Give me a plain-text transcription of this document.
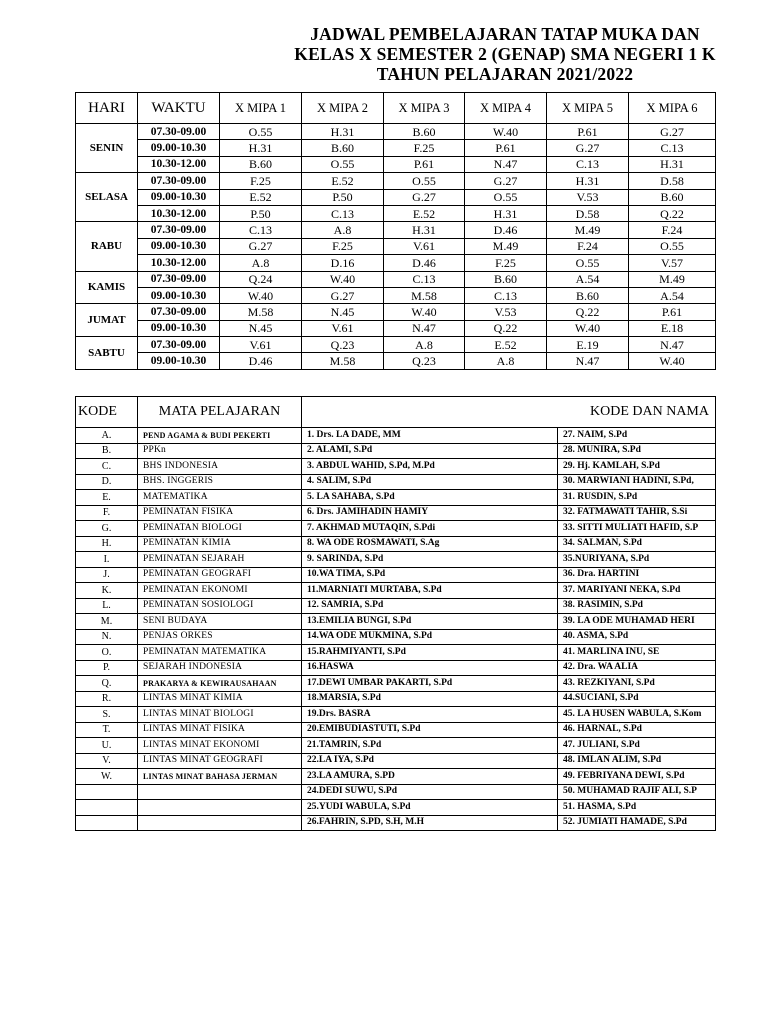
JADWAL PEMBELAJARAN TATAP MUKA DAN
KELAS X SEMESTER 2 (GENAP) SMA NEGERI 1 K
TAHUN PELAJARAN 2021/2022
HARI	WAKTU	X MIPA 1	X MIPA 2	X MIPA 3	X MIPA 4	X MIPA 5	X MIPA 6
SENIN	07.30-09.00	O.55	H.31	B.60	W.40	P.61	G.27
	09.00-10.30	H.31	B.60	F.25	P.61	G.27	C.13
	10.30-12.00	B.60	O.55	P.61	N.47	C.13	H.31
SELASA	07.30-09.00	F.25	E.52	O.55	G.27	H.31	D.58
	09.00-10.30	E.52	P.50	G.27	O.55	V.53	B.60
	10.30-12.00	P.50	C.13	E.52	H.31	D.58	Q.22
RABU	07.30-09.00	C.13	A.8	H.31	D.46	M.49	F.24
	09.00-10.30	G.27	F.25	V.61	M.49	F.24	O.55
	10.30-12.00	A.8	D.16	D.46	F.25	O.55	V.57
KAMIS	07.30-09.00	Q.24	W.40	C.13	B.60	A.54	M.49
	09.00-10.30	W.40	G.27	M.58	C.13	B.60	A.54
JUMAT	07.30-09.00	M.58	N.45	W.40	V.53	Q.22	P.61
	09.00-10.30	N.45	V.61	N.47	Q.22	W.40	E.18
SABTU	07.30-09.00	V.61	Q.23	A.8	E.52	E.19	N.47
	09.00-10.30	D.46	M.58	Q.23	A.8	N.47	W.40
KODE	MATA PELAJARAN	KODE DAN NAMA	
A.	PEND AGAMA & BUDI PEKERTI	1. Drs. LA DADE, MM	27. NAIM, S.Pd
B.	PPKn	2. ALAMI, S.Pd	28. MUNIRA, S.Pd
C.	BHS INDONESIA	3. ABDUL WAHID, S.Pd, M.Pd	29. Hj. KAMLAH, S.Pd
D.	BHS. INGGERIS	4. SALIM, S.Pd	30. MARWIANI HADINI, S.Pd,
E.	MATEMATIKA	5. LA SAHABA, S.Pd	31. RUSDIN, S.Pd
F.	PEMINATAN FISIKA	6. Drs. JAMIHADIN HAMIY	32. FATMAWATI TAHIR, S.Si
G.	PEMINATAN BIOLOGI	7. AKHMAD MUTAQIN, S.Pdi	33. SITTI MULIATI HAFID, S.P
H.	PEMINATAN KIMIA	8. WA ODE ROSMAWATI, S.Ag	34. SALMAN, S.Pd
I.	PEMINATAN SEJARAH	9. SARINDA, S.Pd	35.NURIYANA, S.Pd
J.	PEMINATAN GEOGRAFI	10.WA TIMA, S.Pd	36. Dra. HARTINI
K.	PEMINATAN EKONOMI	11.MARNIATI MURTABA, S.Pd	37. MARIYANI NEKA, S.Pd
L.	PEMINATAN SOSIOLOGI	12. SAMRIA, S.Pd	38. RASIMIN, S.Pd
M.	SENI BUDAYA	13.EMILIA BUNGI, S.Pd	39. LA ODE MUHAMAD HERI
N.	PENJAS ORKES	14.WA ODE MUKMINA, S.Pd	40. ASMA, S.Pd
O.	PEMINATAN MATEMATIKA	15.RAHMIYANTI, S.Pd	41. MARLINA INU, SE
P.	SEJARAH INDONESIA	16.HASWA	42. Dra. WA ALIA
Q.	PRAKARYA & KEWIRAUSAHAAN	17.DEWI UMBAR PAKARTI, S.Pd	43. REZKIYANI, S.Pd
R.	LINTAS MINAT KIMIA	18.MARSIA, S.Pd	44.SUCIANI, S.Pd
S.	LINTAS MINAT BIOLOGI	19.Drs. BASRA	45. LA HUSEN WABULA, S.Kom
T.	LINTAS MINAT FISIKA	20.EMIBUDIASTUTI, S.Pd	46. HARNAL, S.Pd
U.	LINTAS MINAT EKONOMI	21.TAMRIN, S.Pd	47. JULIANI, S.Pd
V.	LINTAS MINAT GEOGRAFI	22.LA IYA, S.Pd	48. IMLAN ALIM, S.Pd
W.	LINTAS MINAT BAHASA JERMAN	23.LA AMURA, S.PD	49. FEBRIYANA DEWI, S.Pd
		24.DEDI SUWU, S.Pd	50. MUHAMAD RAJIF ALI, S.P
		25.YUDI WABULA, S.Pd	51. HASMA, S.Pd
		26.FAHRIN, S.PD, S.H, M.H	52. JUMIATI HAMADE, S.Pd
